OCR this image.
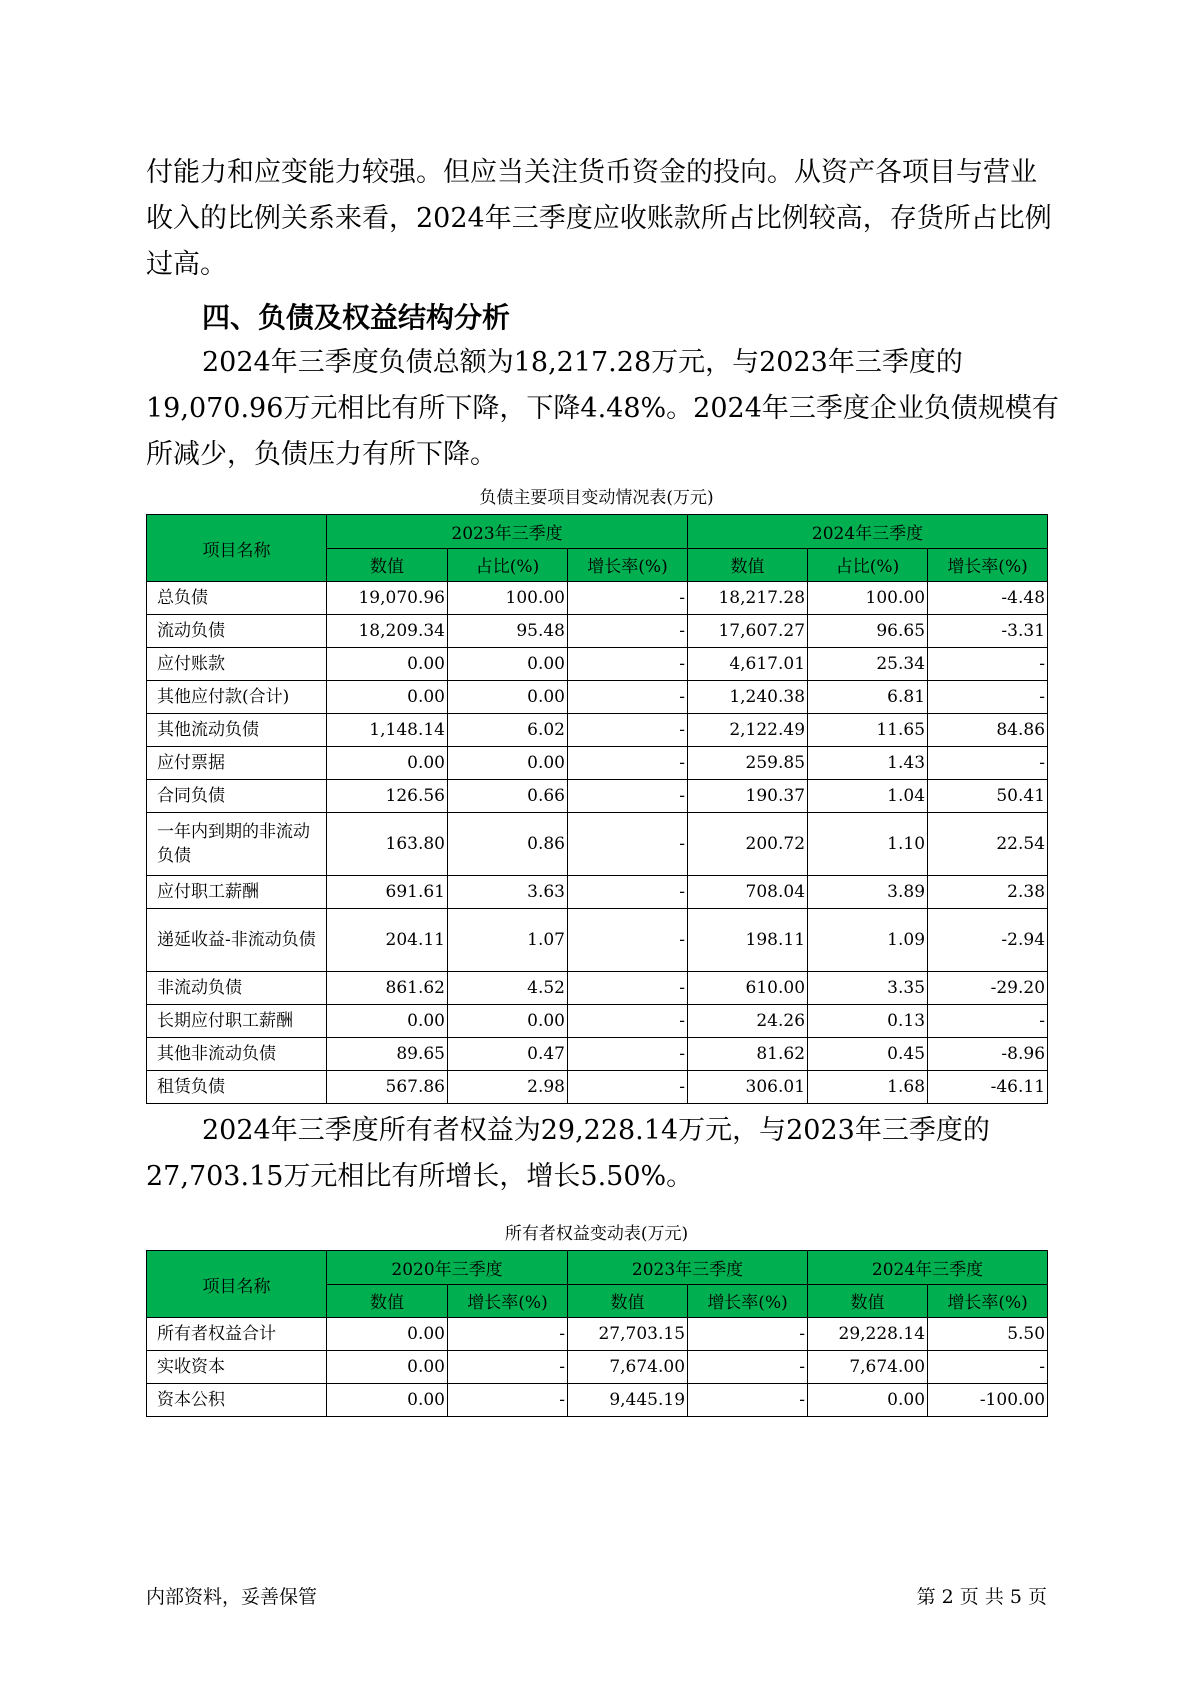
付能力和应变能力较强。但应当关注货币资金的投向。从资产各项目与营业收入的比例关系来看，2024年三季度应收账款所占比例较高，存货所占比例过高。

四、负债及权益结构分析

2024年三季度负债总额为18,217.28万元，与2023年三季度的19,070.96万元相比有所下降，下降4.48%。2024年三季度企业负债规模有所减少，负债压力有所下降。

负债主要项目变动情况表(万元)
项目名称	2023年三季度			2024年三季度		
	数值	占比(%)	增长率(%)	数值	占比(%)	增长率(%)
总负债	19,070.96	100.00	-	18,217.28	100.00	-4.48
流动负债	18,209.34	95.48	-	17,607.27	96.65	-3.31
应付账款	0.00	0.00	-	4,617.01	25.34	-
其他应付款(合计)	0.00	0.00	-	1,240.38	6.81	-
其他流动负债	1,148.14	6.02	-	2,122.49	11.65	84.86
应付票据	0.00	0.00	-	259.85	1.43	-
合同负债	126.56	0.66	-	190.37	1.04	50.41
一年内到期的非流动负债	163.80	0.86	-	200.72	1.10	22.54
应付职工薪酬	691.61	3.63	-	708.04	3.89	2.38
递延收益-非流动负债	204.11	1.07	-	198.11	1.09	-2.94
非流动负债	861.62	4.52	-	610.00	3.35	-29.20
长期应付职工薪酬	0.00	0.00	-	24.26	0.13	-
其他非流动负债	89.65	0.47	-	81.62	0.45	-8.96
租赁负债	567.86	2.98	-	306.01	1.68	-46.11

2024年三季度所有者权益为29,228.14万元，与2023年三季度的27,703.15万元相比有所增长，增长5.50%。

所有者权益变动表(万元)
项目名称	2020年三季度		2023年三季度		2024年三季度	
	数值	增长率(%)	数值	增长率(%)	数值	增长率(%)
所有者权益合计	0.00	-	27,703.15	-	29,228.14	5.50
实收资本	0.00	-	7,674.00	-	7,674.00	-
资本公积	0.00	-	9,445.19	-	0.00	-100.00
内部资料，妥善保管	第 2 页 共 5 页
